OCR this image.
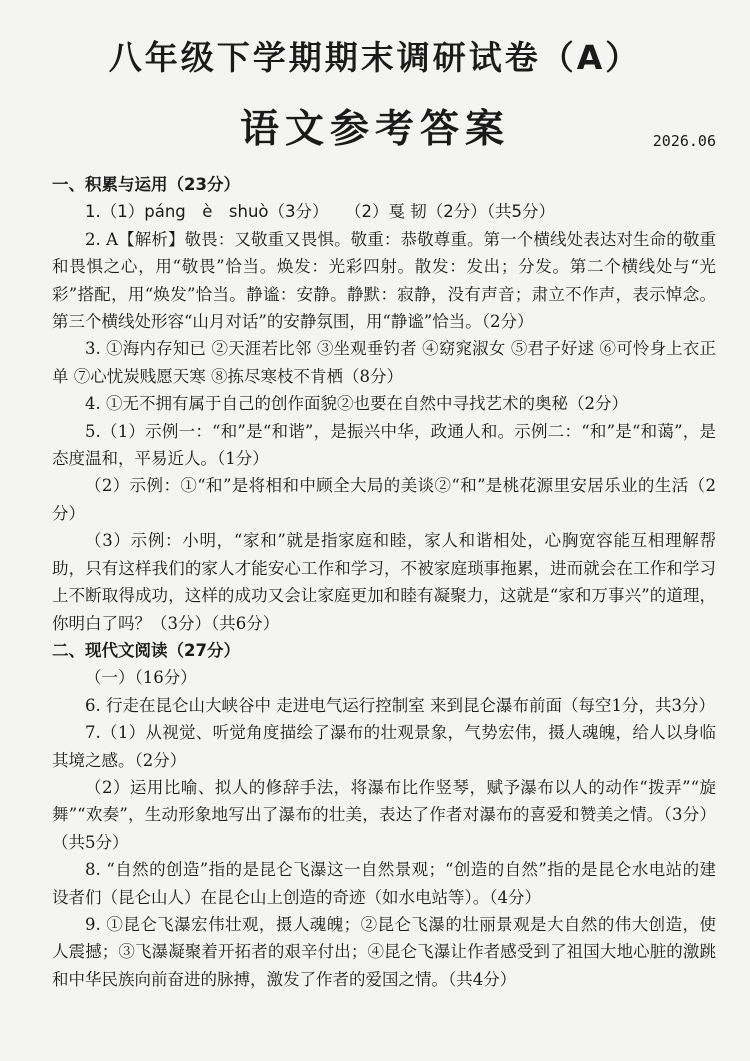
八年级下学期期末调研试卷（A）
语文参考答案	2026.06

一、积累与运用（23分）

1.（1）páng　è　shuò（3分）　　（2）戛 韧（2分）（共5分）

2. A【解析】敬畏：又敬重又畏惧。敬重：恭敬尊重。第一个横线处表达对生命的敬重和畏惧之心，用“敬畏”恰当。焕发：光彩四射。散发：发出；分发。第二个横线处与“光彩”搭配，用“焕发”恰当。静谧：安静。静默：寂静，没有声音；肃立不作声，表示悼念。第三个横线处形容“山月对话”的安静氛围，用“静谧”恰当。（2分）

3. ①海内存知已 ②天涯若比邻 ③坐观垂钓者 ④窈窕淑女 ⑤君子好逑 ⑥可怜身上衣正单 ⑦心忧炭贱愿天寒 ⑧拣尽寒枝不肯栖（8分）

4. ①无不拥有属于自己的创作面貌②也要在自然中寻找艺术的奥秘（2分）

5.（1）示例一：“和”是“和谐”，是振兴中华，政通人和。示例二：“和”是“和蔼”，是态度温和，平易近人。（1分）

（2）示例：①“和”是将相和中顾全大局的美谈②“和”是桃花源里安居乐业的生活（2分）

（3）示例：小明，“家和”就是指家庭和睦，家人和谐相处，心胸宽容能互相理解帮助，只有这样我们的家人才能安心工作和学习，不被家庭琐事拖累，进而就会在工作和学习上不断取得成功，这样的成功又会让家庭更加和睦有凝聚力，这就是“家和万事兴”的道理，你明白了吗？（3分）（共6分）

二、现代文阅读（27分）

（一）（16分）

6. 行走在昆仑山大峡谷中 走进电气运行控制室 来到昆仑瀑布前面（每空1分，共3分）

7.（1）从视觉、听觉角度描绘了瀑布的壮观景象，气势宏伟，摄人魂魄，给人以身临其境之感。（2分）

（2）运用比喻、拟人的修辞手法，将瀑布比作竖琴，赋予瀑布以人的动作“拨弄”“旋舞”“欢奏”，生动形象地写出了瀑布的壮美，表达了作者对瀑布的喜爱和赞美之情。（3分）（共5分）

8. “自然的创造”指的是昆仑飞瀑这一自然景观；“创造的自然”指的是昆仑水电站的建设者们（昆仑山人）在昆仑山上创造的奇迹（如水电站等）。（4分）

9. ①昆仑飞瀑宏伟壮观，摄人魂魄；②昆仑飞瀑的壮丽景观是大自然的伟大创造，使人震撼；③飞瀑凝聚着开拓者的艰辛付出；④昆仑飞瀑让作者感受到了祖国大地心脏的激跳和中华民族向前奋进的脉搏，激发了作者的爱国之情。（共4分）
